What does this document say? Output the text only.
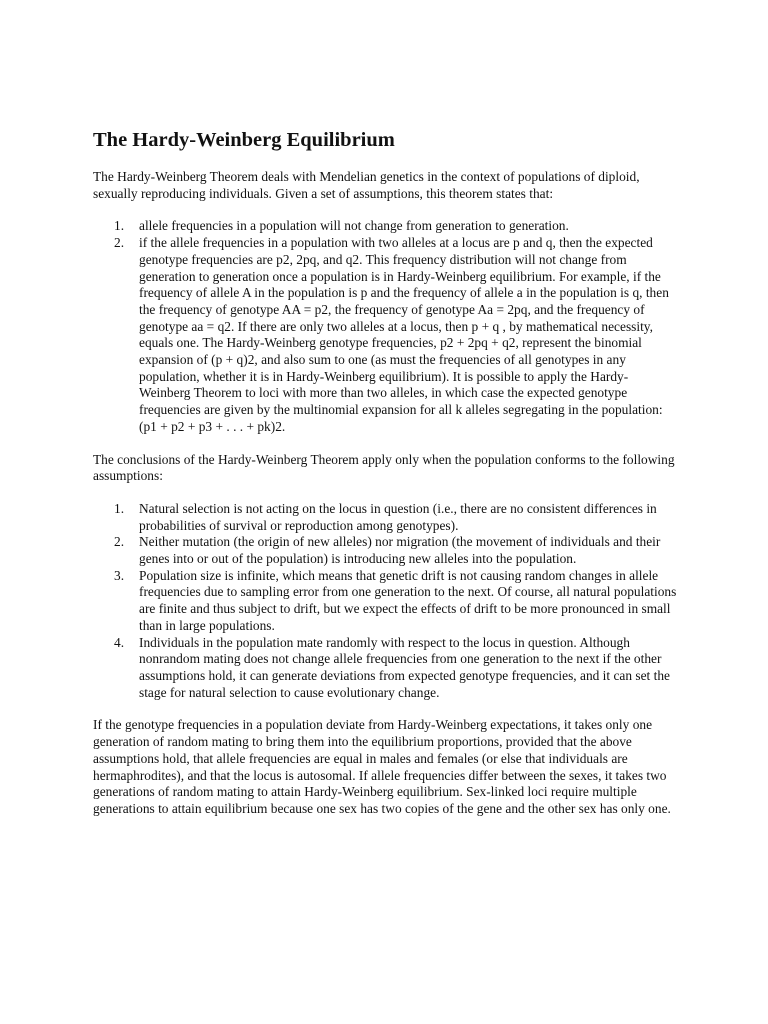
The Hardy-Weinberg Equilibrium

The Hardy-Weinberg Theorem deals with Mendelian genetics in the context of populations of diploid, sexually reproducing individuals. Given a set of assumptions, this theorem states that:

1. allele frequencies in a population will not change from generation to generation.
2. if the allele frequencies in a population with two alleles at a locus are p and q, then the expected genotype frequencies are p2, 2pq, and q2. This frequency distribution will not change from generation to generation once a population is in Hardy-Weinberg equilibrium. For example, if the frequency of allele A in the population is p and the frequency of allele a in the population is q, then the frequency of genotype AA = p2, the frequency of genotype Aa = 2pq, and the frequency of genotype aa = q2. If there are only two alleles at a locus, then p + q , by mathematical necessity, equals one. The Hardy-Weinberg genotype frequencies, p2 + 2pq + q2, represent the binomial expansion of (p + q)2, and also sum to one (as must the frequencies of all genotypes in any population, whether it is in Hardy-Weinberg equilibrium). It is possible to apply the Hardy-Weinberg Theorem to loci with more than two alleles, in which case the expected genotype frequencies are given by the multinomial expansion for all k alleles segregating in the population: (p1 + p2 + p3 + . . . + pk)2.

The conclusions of the Hardy-Weinberg Theorem apply only when the population conforms to the following assumptions:

1. Natural selection is not acting on the locus in question (i.e., there are no consistent differences in probabilities of survival or reproduction among genotypes).
2. Neither mutation (the origin of new alleles) nor migration (the movement of individuals and their genes into or out of the population) is introducing new alleles into the population.
3. Population size is infinite, which means that genetic drift is not causing random changes in allele frequencies due to sampling error from one generation to the next. Of course, all natural populations are finite and thus subject to drift, but we expect the effects of drift to be more pronounced in small than in large populations.
4. Individuals in the population mate randomly with respect to the locus in question. Although nonrandom mating does not change allele frequencies from one generation to the next if the other assumptions hold, it can generate deviations from expected genotype frequencies, and it can set the stage for natural selection to cause evolutionary change.

If the genotype frequencies in a population deviate from Hardy-Weinberg expectations, it takes only one generation of random mating to bring them into the equilibrium proportions, provided that the above assumptions hold, that allele frequencies are equal in males and females (or else that individuals are hermaphrodites), and that the locus is autosomal. If allele frequencies differ between the sexes, it takes two generations of random mating to attain Hardy-Weinberg equilibrium. Sex-linked loci require multiple generations to attain equilibrium because one sex has two copies of the gene and the other sex has only one.
